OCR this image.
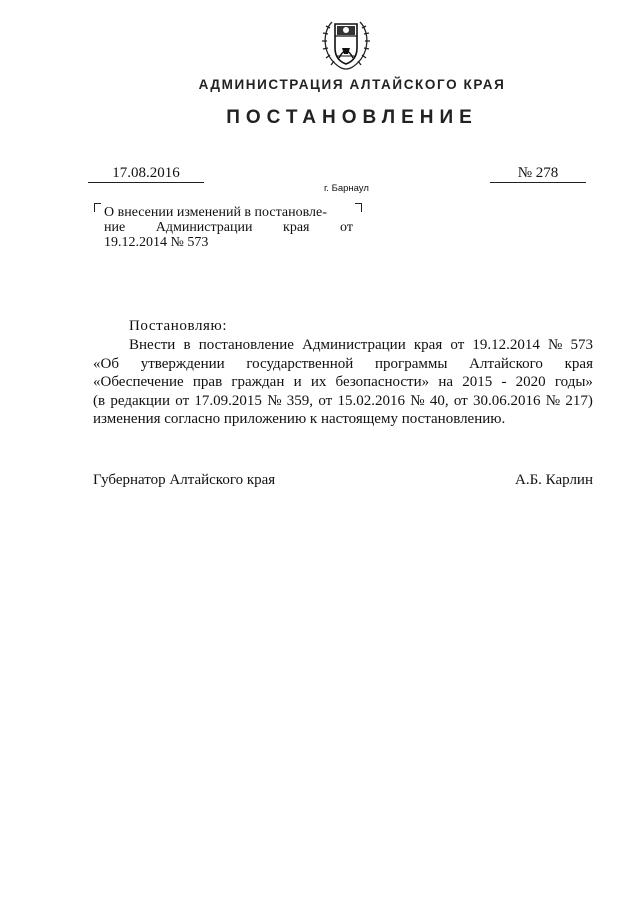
АДМИНИСТРАЦИЯ АЛТАЙСКОГО КРАЯ
ПОСТАНОВЛЕНИЕ
17.08.2016	№ 278
г. Барнаул
О внесении изменений в постановле-
ние Администрации края от
19.12.2014 № 573
Постановляю:
Внести в постановление Администрации края от 19.12.2014 № 573
«Об утверждении государственной программы Алтайского края
«Обеспечение прав граждан и их безопасности» на 2015 - 2020 годы»
(в редакции от 17.09.2015 № 359, от 15.02.2016 № 40, от 30.06.2016 № 217)
изменения согласно приложению к настоящему постановлению.
Губернатор Алтайского края	А.Б. Карлин
